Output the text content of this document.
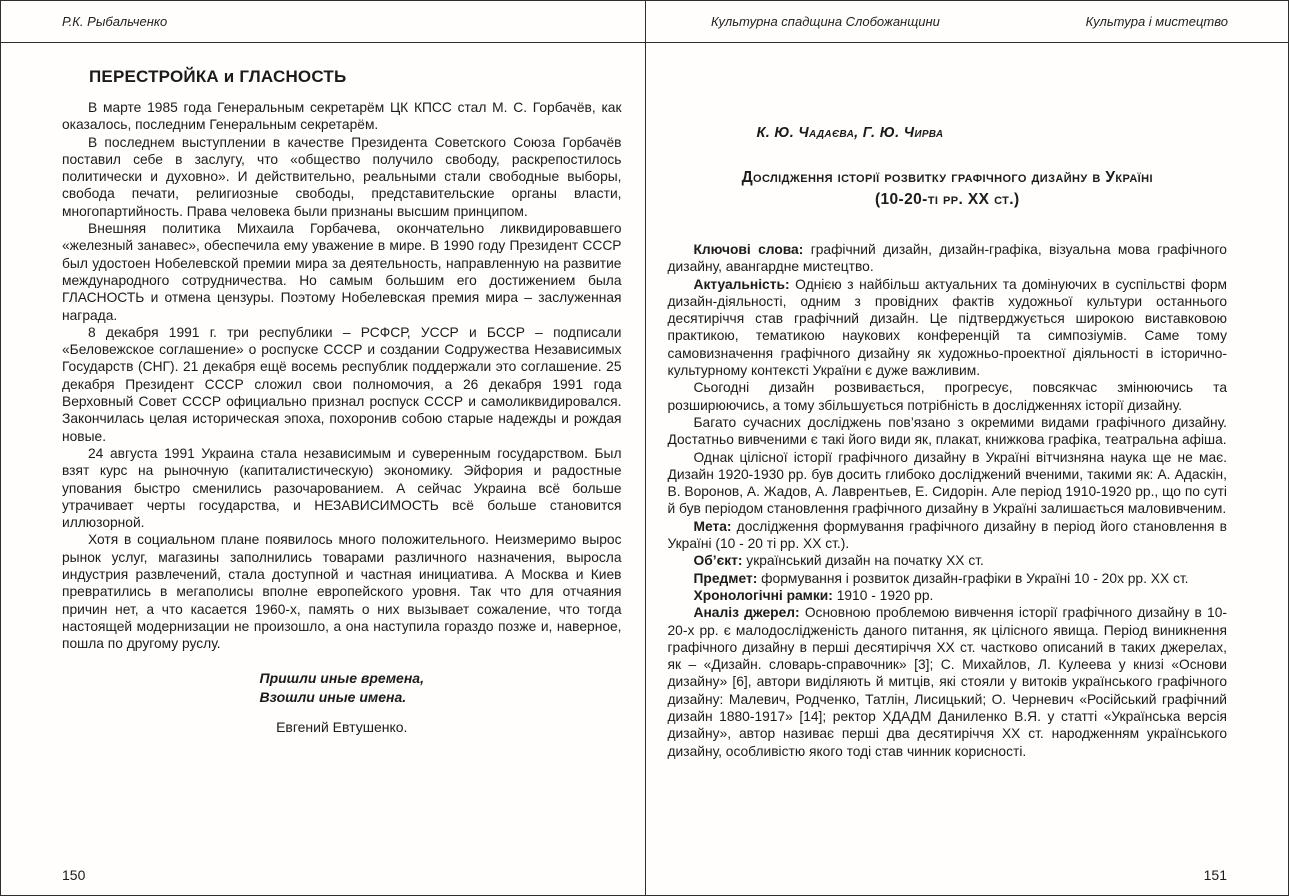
Р.К. Рыбальченко	Культурна спадщина Слобожанщини	Культура і мистецтво
ПЕРЕСТРОЙКА и ГЛАСНОСТЬ

В марте 1985 года Генеральным секретарём ЦК КПСС стал М. С. Горбачёв, как оказалось, последним Генеральным секретарём.

В последнем выступлении в качестве Президента Советского Союза Горбачёв поставил себе в заслугу, что «общество получило свободу, раскрепостилось политически и духовно». И действительно, реальными стали свободные выборы, свобода печати, религиозные свободы, представительские органы власти, многопартийность. Права человека были признаны высшим принципом.

Внешняя политика Михаила Горбачева, окончательно ликвидировавшего «железный занавес», обеспечила ему уважение в мире. В 1990 году Президент СССР был удостоен Нобелевской премии мира за деятельность, направленную на развитие международного сотрудничества. Но самым большим его достижением была ГЛАСНОСТЬ и отмена цензуры. Поэтому Нобелевская премия мира – заслуженная награда.

8 декабря 1991 г. три республики – РСФСР, УССР и БССР – подписали «Беловежское соглашение» о роспуске СССР и создании Содружества Независимых Государств (СНГ). 21 декабря ещё восемь республик поддержали это соглашение. 25 декабря Президент СССР сложил свои полномочия, а 26 декабря 1991 года Верховный Совет СССР официально признал роспуск СССР и самоликвидировался. Закончилась целая историческая эпоха, похоронив собою старые надежды и рождая новые.

24 августа 1991 Украина стала независимым и суверенным государством. Был взят курс на рыночную (капиталистическую) экономику. Эйфория и радостные упования быстро сменились разочарованием. А сейчас Украина всё больше утрачивает черты государства, и НЕЗАВИСИМОСТЬ всё больше становится иллюзорной.

Хотя в социальном плане появилось много положительного. Неизмеримо вырос рынок услуг, магазины заполнились товарами различного назначения, выросла индустрия развлечений, стала доступной и частная инициатива. А Москва и Киев превратились в мегаполисы вполне европейского уровня. Так что для отчаяния причин нет, а что касается 1960-х, память о них вызывает сожаление, что тогда настоящей модернизации не произошло, а она наступила гораздо позже и, наверное, пошла по другому руслу.

Пришли иные времена,
Взошли иные имена.
Евгений Евтушенко.
150
К. Ю. Чадаєва, Г. Ю. Чирва
Дослідження історії розвитку графічного дизайну в Україні
(10-20-ті рр. ХХ ст.)

Ключові слова: графічний дизайн, дизайн-графіка, візуальна мова графічного дизайну, авангардне мистецтво.

Актуальність: Однією з найбільш актуальних та домінуючих в суспільстві форм дизайн-діяльності, одним з провідних фактів художньої культури останнього десятиріччя став графічний дизайн. Це підтверджується широкою виставковою практикою, тематикою наукових конференцій та симпозіумів. Саме тому самовизначення графічного дизайну як художньо-проектної діяльності в історично-культурному контексті України є дуже важливим.

Сьогодні дизайн розвивається, прогресує, повсякчас змінюючись та розширюючись, а тому збільшується потрібність в дослідженнях історії дизайну.

Багато сучасних досліджень пов’язано з окремими видами графічного дизайну. Достатньо вивченими є такі його види як, плакат, книжкова графіка, театральна афіша.

Однак цілісної історії графічного дизайну в Україні вітчизняна наука ще не має. Дизайн 1920-1930 рр. був досить глибоко досліджений вченими, такими як: А. Адаскін, В. Воронов, А. Жадов, А. Лаврентьев, Е. Сидорін. Але період 1910-1920 рр., що по суті й був періодом становлення графічного дизайну в Україні залишається маловивченим.

Мета: дослідження формування графічного дизайну в період його становлення в Україні (10 - 20 ті рр. ХХ ст.).

Об’єкт: український дизайн на початку ХХ ст.

Предмет: формування і розвиток дизайн-графіки в Україні 10 - 20х рр. ХХ ст.

Хронологічні рамки: 1910 - 1920 рр.

Аналіз джерел: Основною проблемою вивчення історії графічного дизайну в 10-20-х рр. є малодослідженість даного питання, як цілісного явища. Період виникнення графічного дизайну в перші десятиріччя ХХ ст. частково описаний в таких джерелах, як – «Дизайн. словарь-справочник» [3]; С. Михайлов, Л. Кулеева у книзі «Основи дизайну» [6], автори виділяють й митців, які стояли у витоків українського графічного дизайну: Малевич, Родченко, Татлін, Лисицький; О. Черневич «Російський графічний дизайн 1880-1917» [14]; ректор ХДАДМ Даниленко В.Я. у статті «Українська версія дизайну», автор називає перші два десятиріччя ХХ ст. народженням українського дизайну, особливістю якого тоді став чинник корисності.

151
